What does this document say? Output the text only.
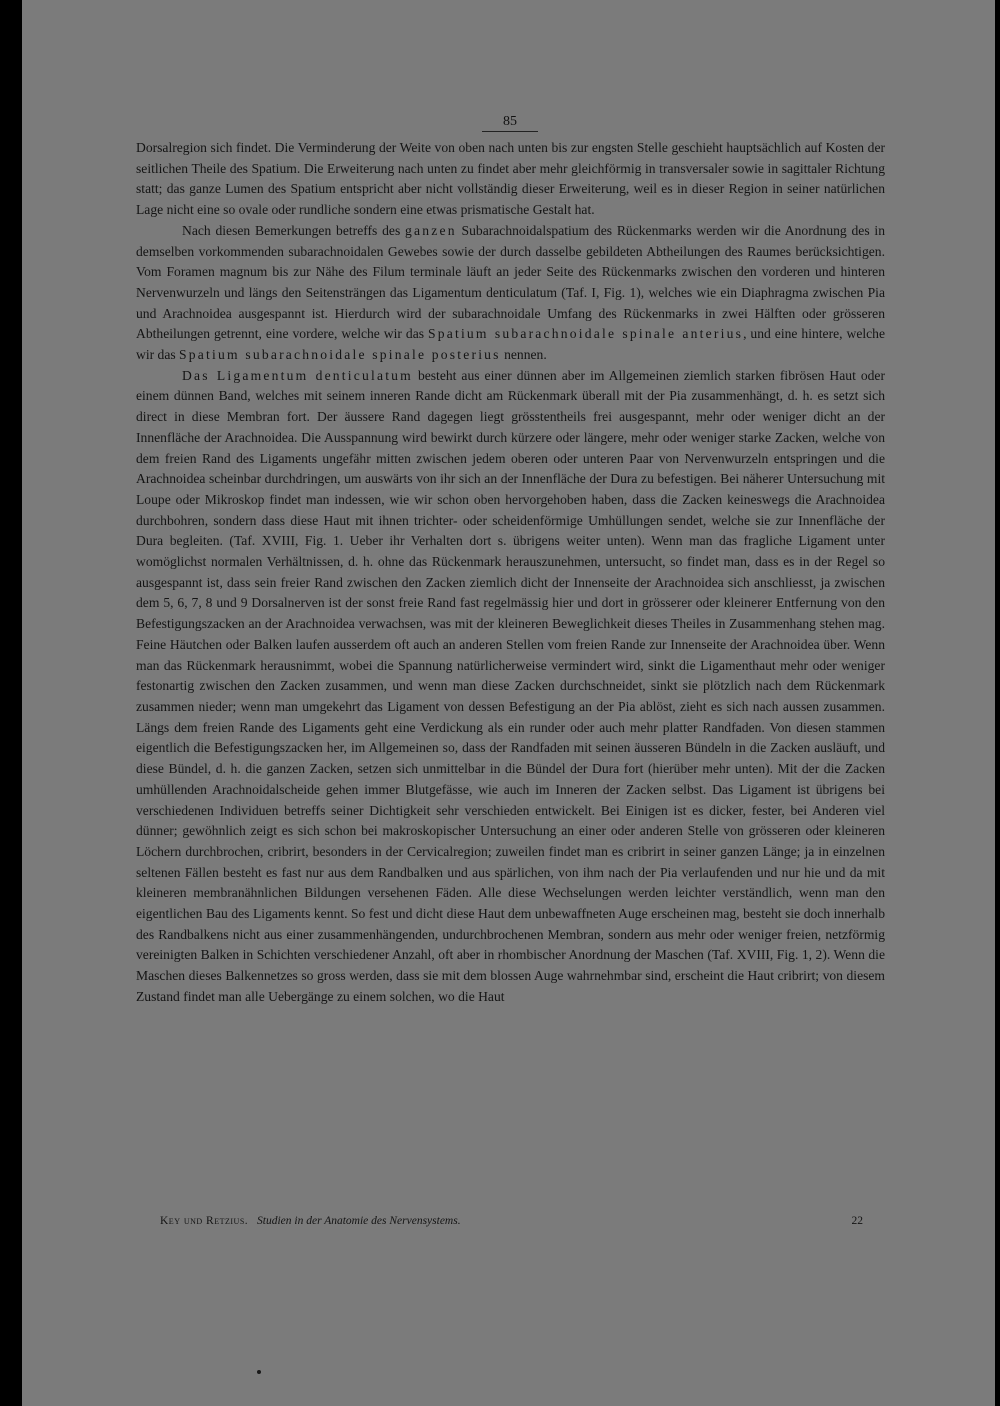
85

Dorsalregion sich findet. Die Verminderung der Weite von oben nach unten bis zur engsten Stelle geschieht hauptsächlich auf Kosten der seitlichen Theile des Spatium. Die Erweiterung nach unten zu findet aber mehr gleichförmig in transversaler sowie in sagittaler Richtung statt; das ganze Lumen des Spatium entspricht aber nicht vollständig dieser Erweiterung, weil es in dieser Region in seiner natürlichen Lage nicht eine so ovale oder rundliche sondern eine etwas prismatische Gestalt hat.

Nach diesen Bemerkungen betreffs des ganzen Subarachnoidalspatium des Rückenmarks werden wir die Anordnung des in demselben vorkommenden subarachnoidalen Gewebes sowie der durch dasselbe gebildeten Abtheilungen des Raumes berücksichtigen. Vom Foramen magnum bis zur Nähe des Filum terminale läuft an jeder Seite des Rückenmarks zwischen den vorderen und hinteren Nervenwurzeln und längs den Seitensträngen das Ligamentum denticulatum (Taf. I, Fig. 1), welches wie ein Diaphragma zwischen Pia und Arachnoidea ausgespannt ist. Hierdurch wird der subarachnoidale Umfang des Rückenmarks in zwei Hälften oder grösseren Abtheilungen getrennt, eine vordere, welche wir das Spatium subarachnoidale spinale anterius, und eine hintere, welche wir das Spatium subarachnoidale spinale posterius nennen.

Das Ligamentum denticulatum besteht aus einer dünnen aber im Allgemeinen ziemlich starken fibrösen Haut oder einem dünnen Band, welches mit seinem inneren Rande dicht am Rückenmark überall mit der Pia zusammenhängt, d. h. es setzt sich direct in diese Membran fort. Der äussere Rand dagegen liegt grösstentheils frei ausgespannt, mehr oder weniger dicht an der Innenfläche der Arachnoidea. Die Ausspannung wird bewirkt durch kürzere oder längere, mehr oder weniger starke Zacken, welche von dem freien Rand des Ligaments ungefähr mitten zwischen jedem oberen oder unteren Paar von Nervenwurzeln entspringen und die Arachnoidea scheinbar durchdringen, um auswärts von ihr sich an der Innenfläche der Dura zu befestigen. Bei näherer Untersuchung mit Loupe oder Mikroskop findet man indessen, wie wir schon oben hervorgehoben haben, dass die Zacken keineswegs die Arachnoidea durchbohren, sondern dass diese Haut mit ihnen trichter- oder scheidenförmige Umhüllungen sendet, welche sie zur Innenfläche der Dura begleiten. (Taf. XVIII, Fig. 1. Ueber ihr Verhalten dort s. übrigens weiter unten). Wenn man das fragliche Ligament unter womöglichst normalen Verhältnissen, d. h. ohne das Rückenmark herauszunehmen, untersucht, so findet man, dass es in der Regel so ausgespannt ist, dass sein freier Rand zwischen den Zacken ziemlich dicht der Innenseite der Arachnoidea sich anschliesst, ja zwischen dem 5, 6, 7, 8 und 9 Dorsalnerven ist der sonst freie Rand fast regelmässig hier und dort in grösserer oder kleinerer Entfernung von den Befestigungszacken an der Arachnoidea verwachsen, was mit der kleineren Beweglichkeit dieses Theiles in Zusammenhang stehen mag. Feine Häutchen oder Balken laufen ausserdem oft auch an anderen Stellen vom freien Rande zur Innenseite der Arachnoidea über. Wenn man das Rückenmark herausnimmt, wobei die Spannung natürlicherweise vermindert wird, sinkt die Ligamenthaut mehr oder weniger festonartig zwischen den Zacken zusammen, und wenn man diese Zacken durchschneidet, sinkt sie plötzlich nach dem Rückenmark zusammen nieder; wenn man umgekehrt das Ligament von dessen Befestigung an der Pia ablöst, zieht es sich nach aussen zusammen. Längs dem freien Rande des Ligaments geht eine Verdickung als ein runder oder auch mehr platter Randfaden. Von diesen stammen eigentlich die Befestigungszacken her, im Allgemeinen so, dass der Randfaden mit seinen äusseren Bündeln in die Zacken ausläuft, und diese Bündel, d. h. die ganzen Zacken, setzen sich unmittelbar in die Bündel der Dura fort (hierüber mehr unten). Mit der die Zacken umhüllenden Arachnoidalscheide gehen immer Blutgefässe, wie auch im Inneren der Zacken selbst. Das Ligament ist übrigens bei verschiedenen Individuen betreffs seiner Dichtigkeit sehr verschieden entwickelt. Bei Einigen ist es dicker, fester, bei Anderen viel dünner; gewöhnlich zeigt es sich schon bei makroskopischer Untersuchung an einer oder anderen Stelle von grösseren oder kleineren Löchern durchbrochen, cribrirt, besonders in der Cervicalregion; zuweilen findet man es cribrirt in seiner ganzen Länge; ja in einzelnen seltenen Fällen besteht es fast nur aus dem Randbalken und aus spärlichen, von ihm nach der Pia verlaufenden und nur hie und da mit kleineren membranähnlichen Bildungen versehenen Fäden. Alle diese Wechselungen werden leichter verständlich, wenn man den eigentlichen Bau des Ligaments kennt. So fest und dicht diese Haut dem unbewaffneten Auge erscheinen mag, besteht sie doch innerhalb des Randbalkens nicht aus einer zusammenhängenden, undurchbrochenen Membran, sondern aus mehr oder weniger freien, netzförmig vereinigten Balken in Schichten verschiedener Anzahl, oft aber in rhombischer Anordnung der Maschen (Taf. XVIII, Fig. 1, 2). Wenn die Maschen dieses Balkennetzes so gross werden, dass sie mit dem blossen Auge wahrnehmbar sind, erscheint die Haut cribrirt; von diesem Zustand findet man alle Uebergänge zu einem solchen, wo die Haut

Key und Retzius. Studien in der Anatomie des Nervensystems.	22
